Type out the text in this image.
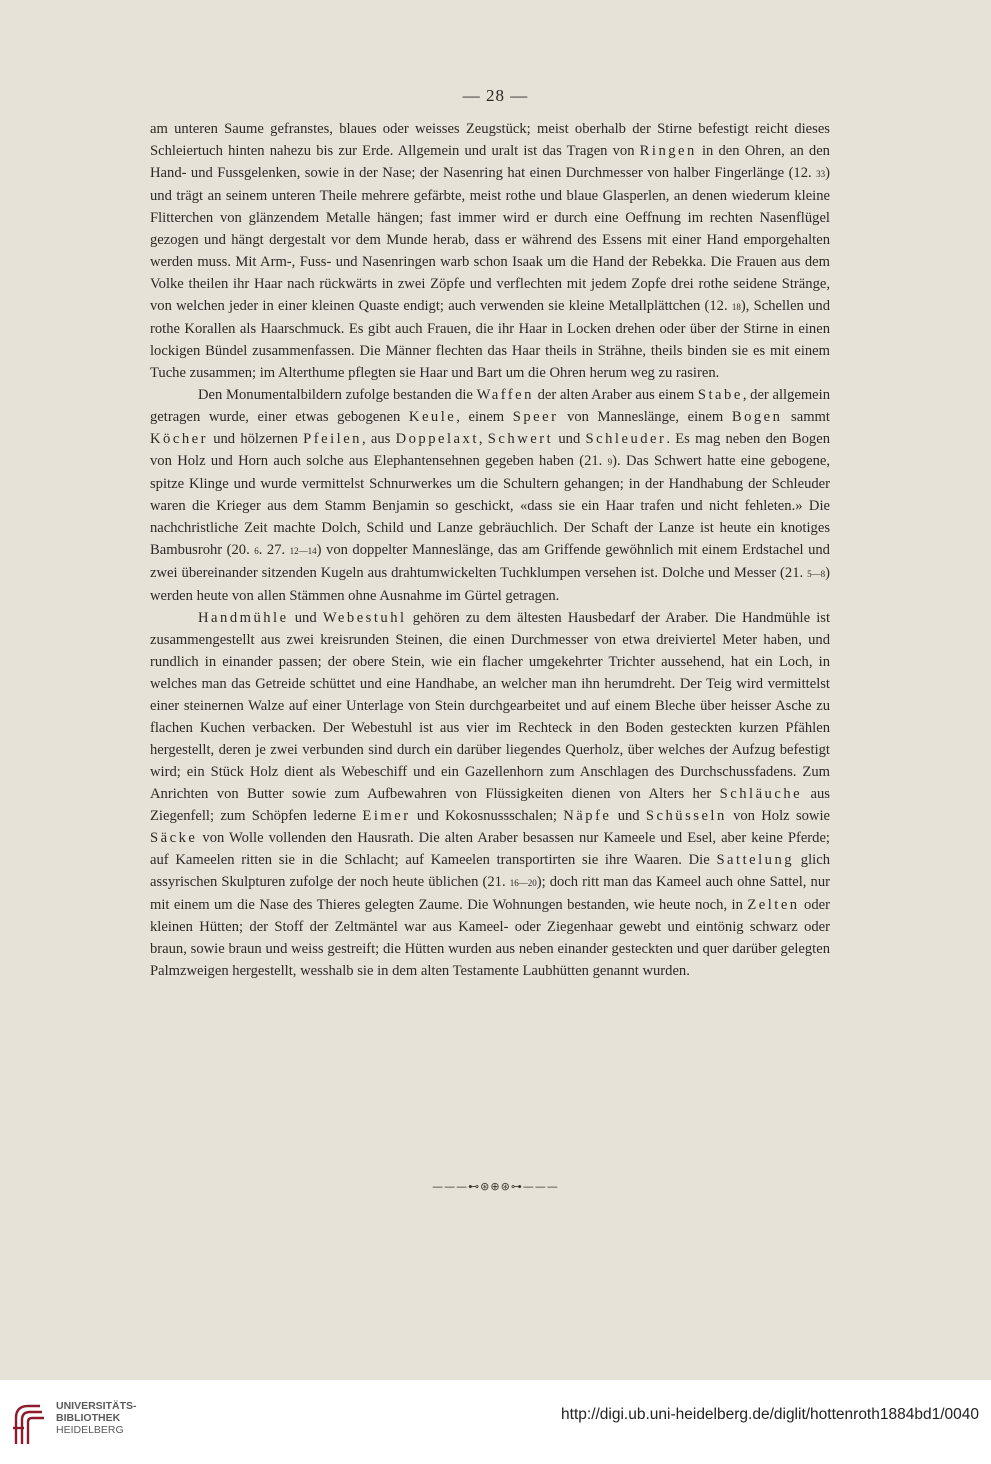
— 28 —

am unteren Saume gefranstes, blaues oder weisses Zeugstück; meist oberhalb der Stirne befestigt reicht dieses Schleiertuch hinten nahezu bis zur Erde. Allgemein und uralt ist das Tragen von Ringen in den Ohren, an den Hand- und Fussgelenken, sowie in der Nase; der Nasenring hat einen Durchmesser von halber Fingerlänge (12. 33) und trägt an seinem unteren Theile mehrere gefärbte, meist rothe und blaue Glasperlen, an denen wiederum kleine Flitterchen von glänzendem Metalle hängen; fast immer wird er durch eine Oeffnung im rechten Nasenflügel gezogen und hängt dergestalt vor dem Munde herab, dass er während des Essens mit einer Hand emporgehalten werden muss. Mit Arm-, Fuss- und Nasenringen warb schon Isaak um die Hand der Rebekka. Die Frauen aus dem Volke theilen ihr Haar nach rückwärts in zwei Zöpfe und verflechten mit jedem Zopfe drei rothe seidene Stränge, von welchen jeder in einer kleinen Quaste endigt; auch verwenden sie kleine Metallplättchen (12. 18), Schellen und rothe Korallen als Haarschmuck. Es gibt auch Frauen, die ihr Haar in Locken drehen oder über der Stirne in einen lockigen Bündel zusammenfassen. Die Männer flechten das Haar theils in Strähne, theils binden sie es mit einem Tuche zusammen; im Alterthume pflegten sie Haar und Bart um die Ohren herum weg zu rasiren.

Den Monumentalbildern zufolge bestanden die Waffen der alten Araber aus einem Stabe, der allgemein getragen wurde, einer etwas gebogenen Keule, einem Speer von Manneslänge, einem Bogen sammt Köcher und hölzernen Pfeilen, aus Doppelaxt, Schwert und Schleuder. Es mag neben den Bogen von Holz und Horn auch solche aus Elephantensehnen gegeben haben (21. 9). Das Schwert hatte eine gebogene, spitze Klinge und wurde vermittelst Schnurwerkes um die Schultern gehangen; in der Handhabung der Schleuder waren die Krieger aus dem Stamm Benjamin so geschickt, «dass sie ein Haar trafen und nicht fehleten.» Die nachchristliche Zeit machte Dolch, Schild und Lanze gebräuchlich. Der Schaft der Lanze ist heute ein knotiges Bambusrohr (20. 6. 27. 12—14) von doppelter Manneslänge, das am Griffende gewöhnlich mit einem Erdstachel und zwei übereinander sitzenden Kugeln aus drahtumwickelten Tuchklumpen versehen ist. Dolche und Messer (21. 5—8) werden heute von allen Stämmen ohne Ausnahme im Gürtel getragen.

Handmühle und Webestuhl gehören zu dem ältesten Hausbedarf der Araber. Die Handmühle ist zusammengestellt aus zwei kreisrunden Steinen, die einen Durchmesser von etwa dreiviertel Meter haben, und rundlich in einander passen; der obere Stein, wie ein flacher umgekehrter Trichter aussehend, hat ein Loch, in welches man das Getreide schüttet und eine Handhabe, an welcher man ihn herumdreht. Der Teig wird vermittelst einer steinernen Walze auf einer Unterlage von Stein durchgearbeitet und auf einem Bleche über heisser Asche zu flachen Kuchen verbacken. Der Webestuhl ist aus vier im Rechteck in den Boden gesteckten kurzen Pfählen hergestellt, deren je zwei verbunden sind durch ein darüber liegendes Querholz, über welches der Aufzug befestigt wird; ein Stück Holz dient als Webeschiff und ein Gazellenhorn zum Anschlagen des Durchschussfadens. Zum Anrichten von Butter sowie zum Aufbewahren von Flüssigkeiten dienen von Alters her Schläuche aus Ziegenfell; zum Schöpfen lederne Eimer und Kokosnussschalen; Näpfe und Schüsseln von Holz sowie Säcke von Wolle vollenden den Hausrath. Die alten Araber besassen nur Kameele und Esel, aber keine Pferde; auf Kameelen ritten sie in die Schlacht; auf Kameelen transportirten sie ihre Waaren. Die Sattelung glich assyrischen Skulpturen zufolge der noch heute üblichen (21. 16—20); doch ritt man das Kameel auch ohne Sattel, nur mit einem um die Nase des Thieres gelegten Zaume. Die Wohnungen bestanden, wie heute noch, in Zelten oder kleinen Hütten; der Stoff der Zeltmäntel war aus Kameel- oder Ziegenhaar gewebt und eintönig schwarz oder braun, sowie braun und weiss gestreift; die Hütten wurden aus neben einander gesteckten und quer darüber gelegten Palmzweigen hergestellt, wesshalb sie in dem alten Testamente Laubhütten genannt wurden.

———⊷⊛⊕⊛⊶———
UNIVERSITÄTS-
BIBLIOTHEK
HEIDELBERG
http://digi.ub.uni-heidelberg.de/diglit/hottenroth1884bd1/0040
